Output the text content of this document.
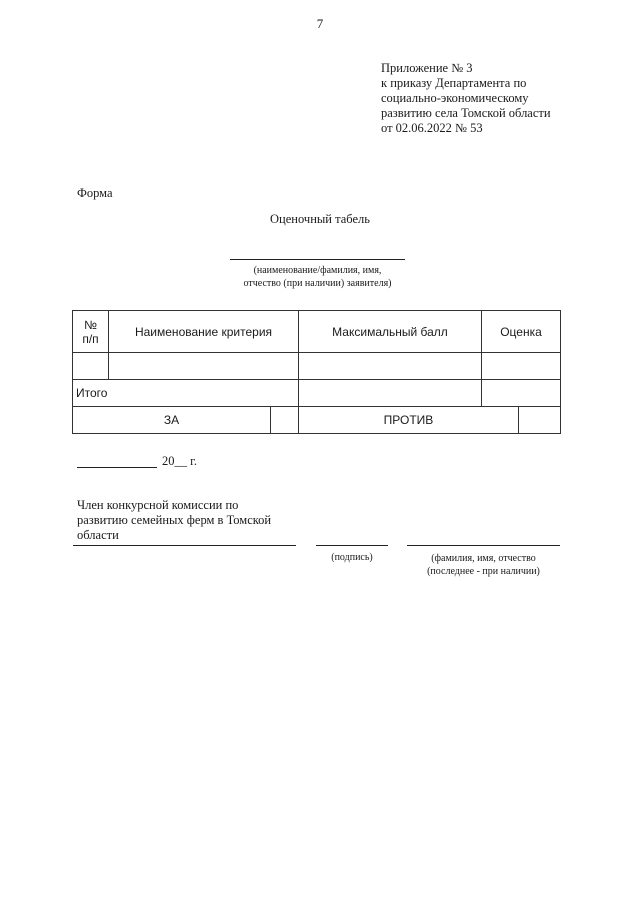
7
Приложение № 3
к приказу Департамента по
социально-экономическому
развитию села Томской области
от 02.06.2022 № 53
Форма
Оценочный табель
(наименование/фамилия, имя,
отчество (при наличии) заявителя)
№
п/п	Наименование критерия		Максимальный балл	Оценка	

Итого					
ЗА			ПРОТИВ		
20__ г.
Член конкурсной комиссии по
развитию семейных ферм в Томской
области
(подпись)	(фамилия, имя, отчество
(последнее - при наличии)
